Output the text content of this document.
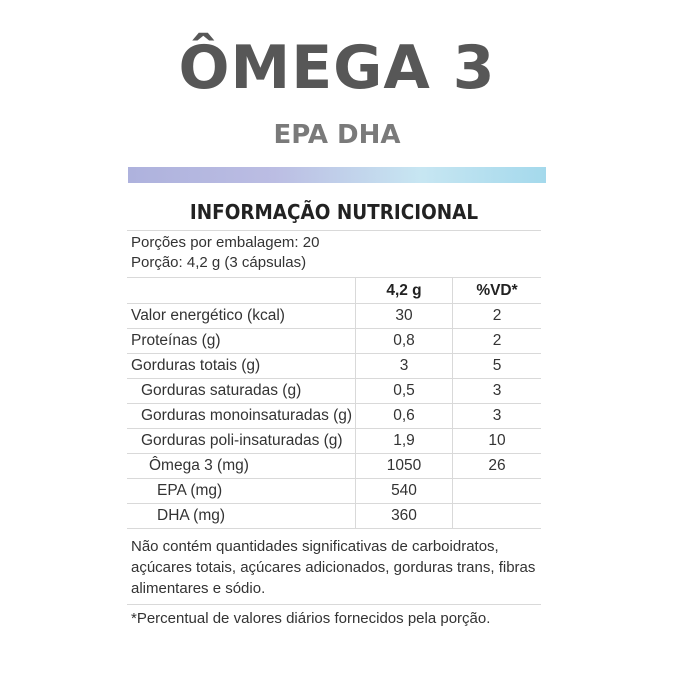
ÔMEGA 3
EPA DHA
INFORMAÇÃO NUTRICIONAL
Porções por embalagem: 20
Porção: 4,2 g (3 cápsulas)
	4,2 g	%VD*
Valor energético (kcal)	30	2
Proteínas (g)	0,8	2
Gorduras totais (g)	3	5
Gorduras saturadas (g)	0,5	3
Gorduras monoinsaturadas (g)	0,6	3
Gorduras poli-insaturadas (g)	1,9	10
Ômega 3 (mg)	1050	26
EPA (mg)	540	
DHA (mg)	360	
Não contém quantidades significativas de carboidratos, açúcares totais, açúcares adicionados, gorduras trans, fibras alimentares e sódio.
*Percentual de valores diários fornecidos pela porção.
